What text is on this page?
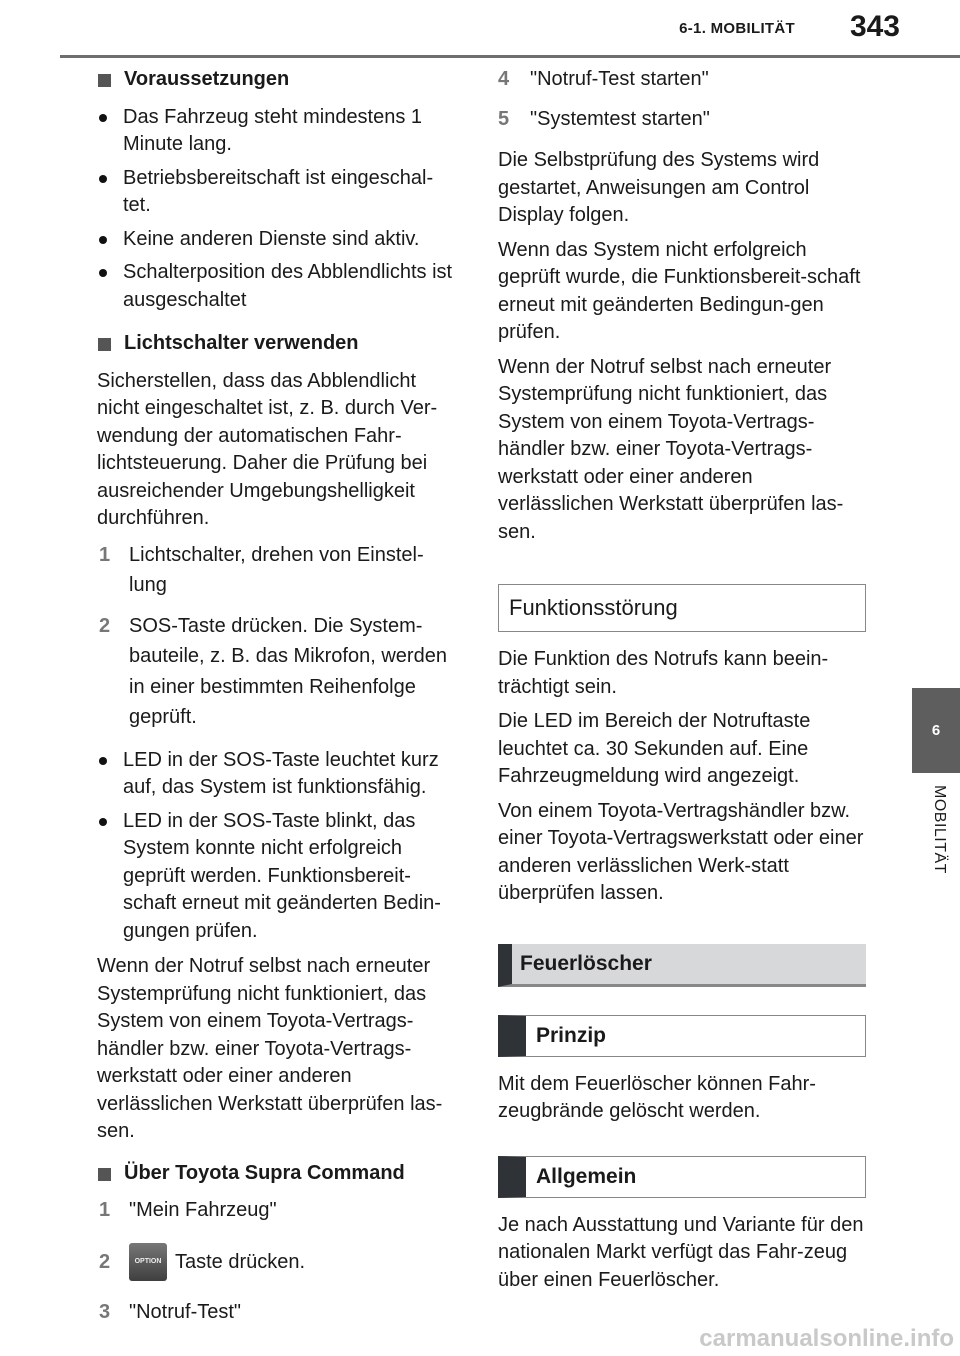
6-1. MOBILITÄT 343
6
MOBILITÄT
Voraussetzungen
Das Fahrzeug steht mindestens 1 Minute lang.
Betriebsbereitschaft ist eingeschal-tet.
Keine anderen Dienste sind aktiv.
Schalterposition des Abblendlichts ist ausgeschaltet
Lichtschalter verwenden

Sicherstellen, dass das Abblendlicht nicht eingeschaltet ist, z. B. durch Ver-wendung der automatischen Fahr-lichtsteuerung. Daher die Prüfung bei ausreichender Umgebungshelligkeit durchführen.

1 Lichtschalter, drehen von Einstel-lung
2 SOS-Taste drücken. Die System-bauteile, z. B. das Mikrofon, werden in einer bestimmten Reihenfolge geprüft.
LED in der SOS-Taste leuchtet kurz auf, das System ist funktionsfähig.
LED in der SOS-Taste blinkt, das System konnte nicht erfolgreich geprüft werden. Funktionsbereit-schaft erneut mit geänderten Bedin-gungen prüfen.

Wenn der Notruf selbst nach erneuter Systemprüfung nicht funktioniert, das System von einem Toyota-Vertrags-händler bzw. einer Toyota-Vertrags-werkstatt oder einer anderen verlässlichen Werkstatt überprüfen las-sen.

Über Toyota Supra Command
1 "Mein Fahrzeug"
2	OPTION Taste drücken.
3 "Notruf-Test"
4 "Notruf-Test starten"
5 "Systemtest starten"

Die Selbstprüfung des Systems wird gestartet, Anweisungen am Control Display folgen.

Wenn das System nicht erfolgreich geprüft wurde, die Funktionsbereit-schaft erneut mit geänderten Bedingun-gen prüfen.

Wenn der Notruf selbst nach erneuter Systemprüfung nicht funktioniert, das System von einem Toyota-Vertrags-händler bzw. einer Toyota-Vertrags-werkstatt oder einer anderen verlässlichen Werkstatt überprüfen las-sen.

Funktionsstörung

Die Funktion des Notrufs kann beein-trächtigt sein.

Die LED im Bereich der Notruftaste leuchtet ca. 30 Sekunden auf. Eine Fahrzeugmeldung wird angezeigt.

Von einem Toyota-Vertragshändler bzw. einer Toyota-Vertragswerkstatt oder einer anderen verlässlichen Werk-statt überprüfen lassen.

Feuerlöscher
Prinzip

Mit dem Feuerlöscher können Fahr-zeugbrände gelöscht werden.

Allgemein

Je nach Ausstattung und Variante für den nationalen Markt verfügt das Fahr-zeug über einen Feuerlöscher.

carmanualsonline.info
